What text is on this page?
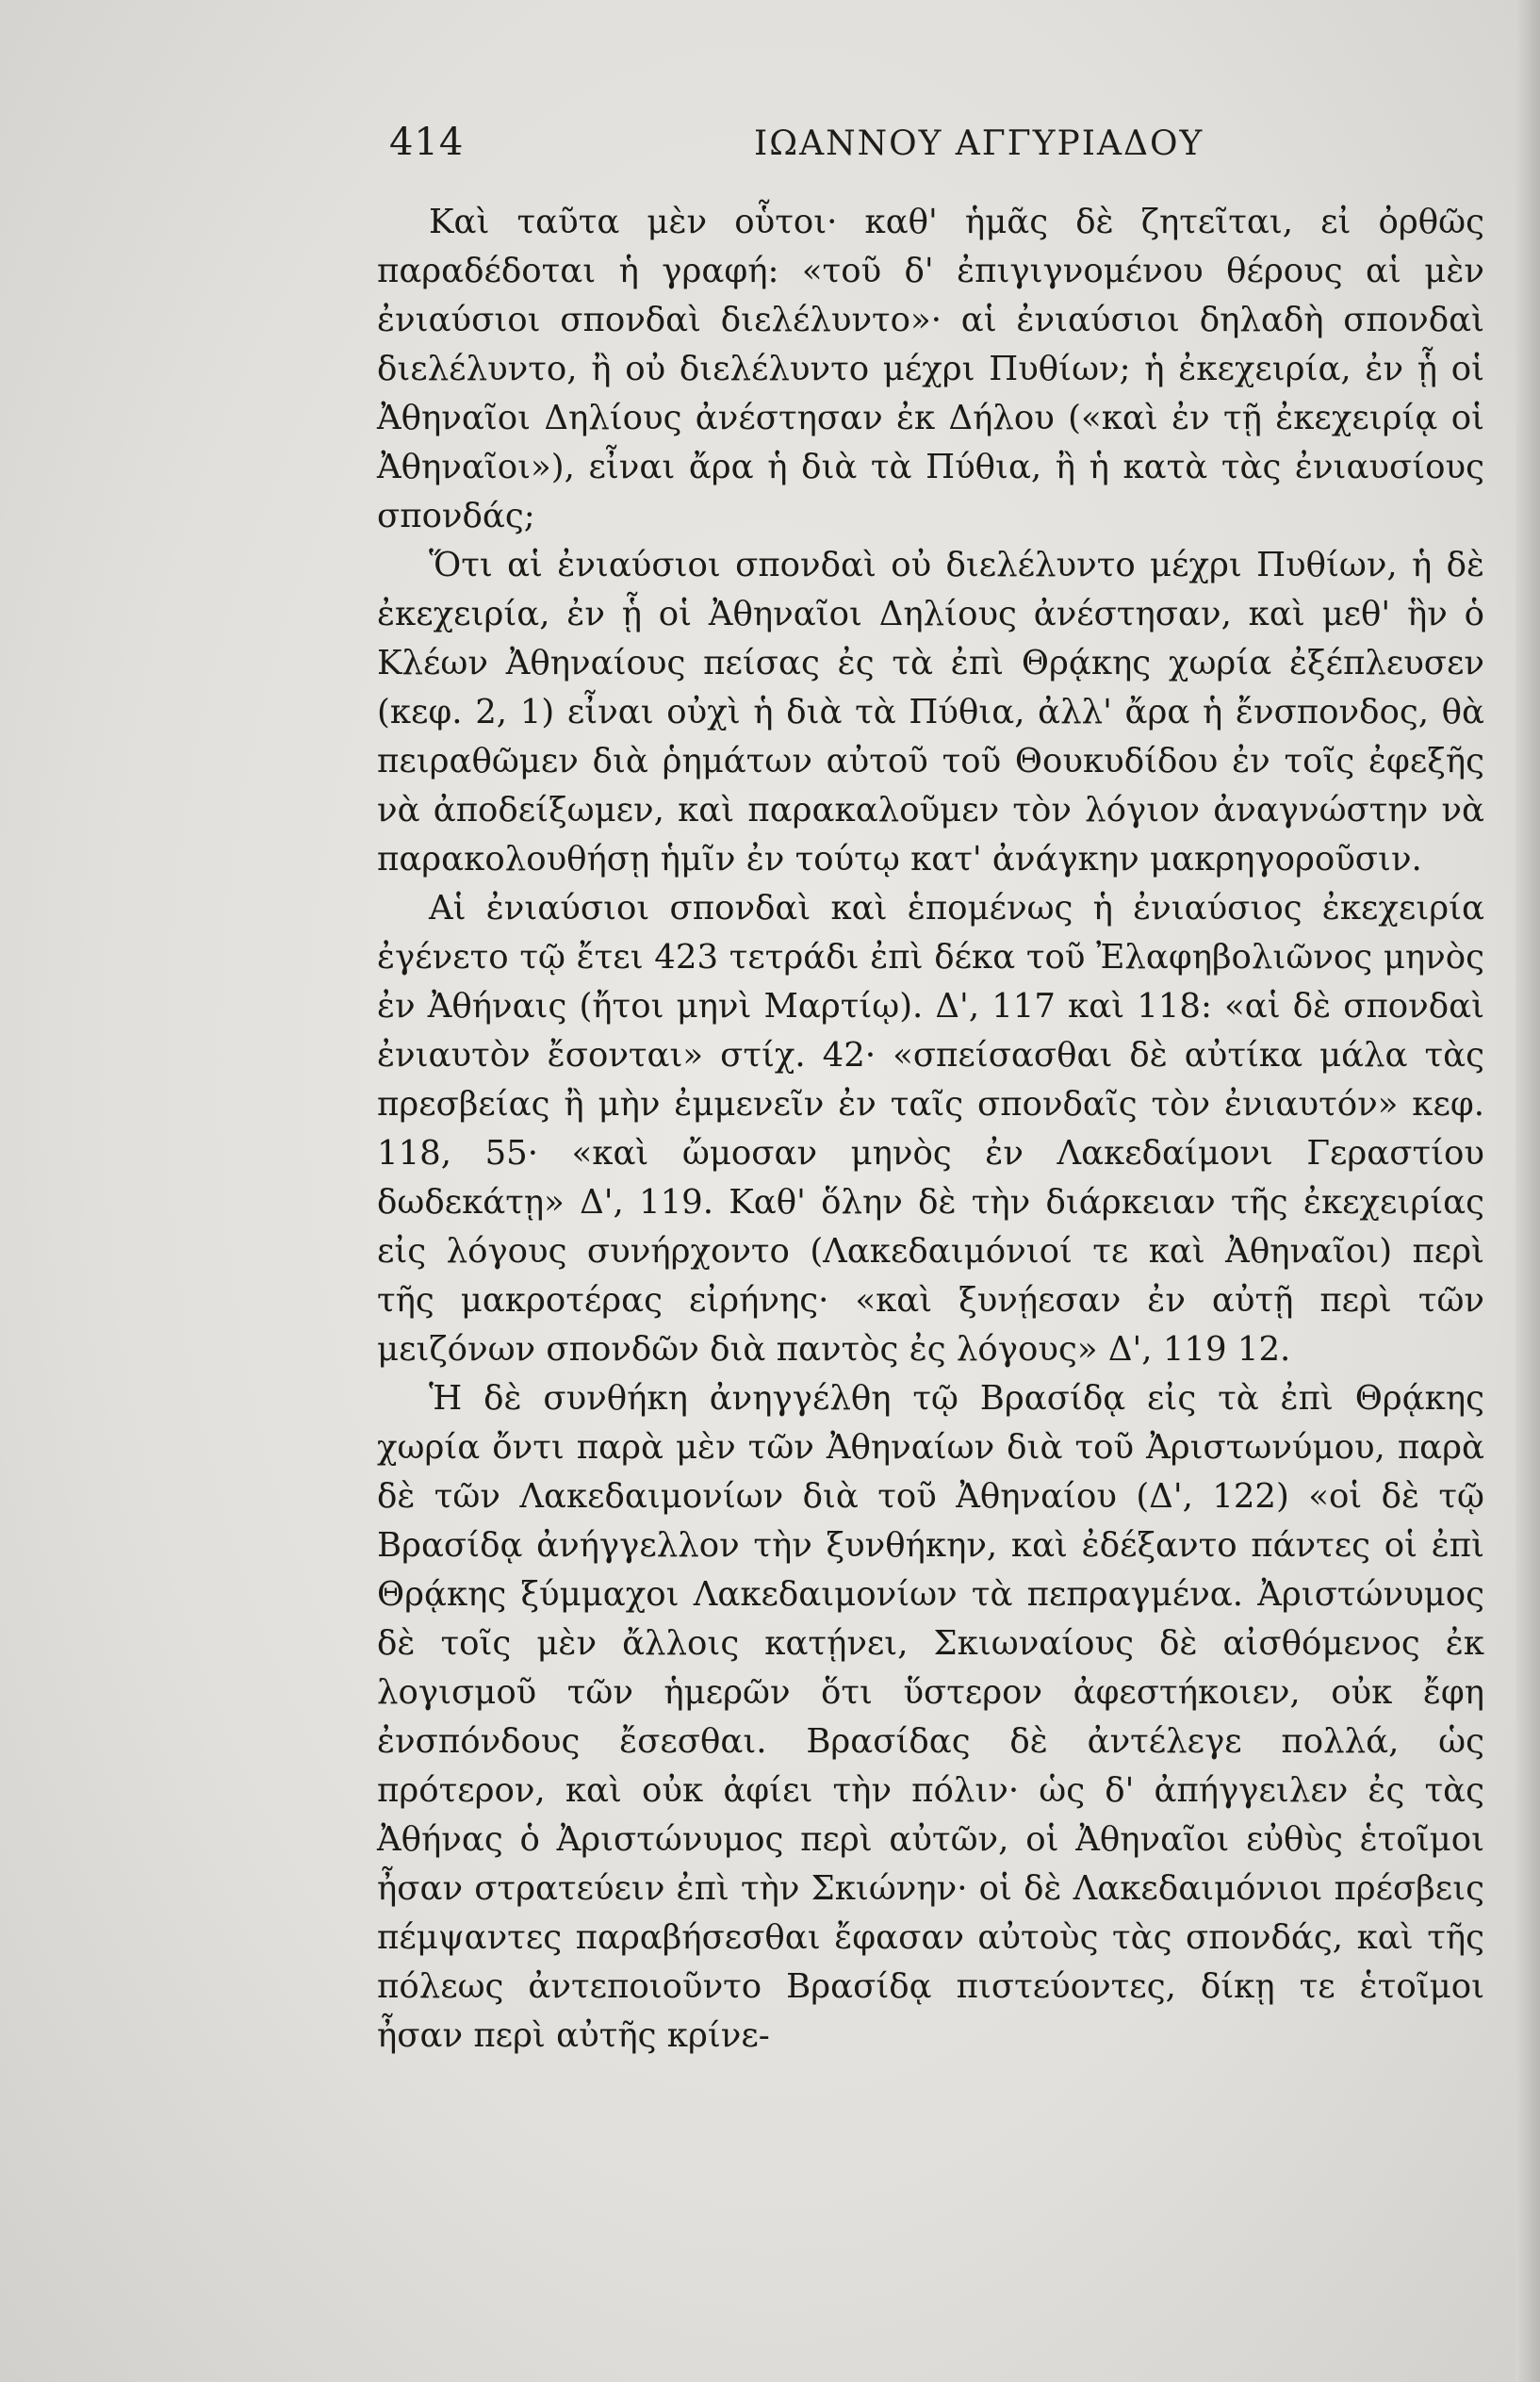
414	ΙΩΑΝΝΟΥ ΑΓΓΥΡΙΑΔΟΥ

Καὶ ταῦτα μὲν οὗτοι· καθ' ἡμᾶς δὲ ζητεῖται, εἰ ὀρθῶς παραδέδοται ἡ γραφή: «τοῦ δ' ἐπιγιγνομένου θέρους αἱ μὲν ἐνιαύσιοι σπονδαὶ διελέλυντο»· αἱ ἐνιαύσιοι δηλαδὴ σπονδαὶ διελέλυντο, ἢ οὐ διελέλυντο μέχρι Πυθίων; ἡ ἐκεχειρία, ἐν ᾗ οἱ Ἀθηναῖοι Δηλίους ἀνέστησαν ἐκ Δήλου («καὶ ἐν τῇ ἐκεχειρίᾳ οἱ Ἀθηναῖοι»), εἶναι ἄρα ἡ διὰ τὰ Πύθια, ἢ ἡ κατὰ τὰς ἐνιαυσίους σπονδάς;

Ὅτι αἱ ἐνιαύσιοι σπονδαὶ οὐ διελέλυντο μέχρι Πυθίων, ἡ δὲ ἐκεχειρία, ἐν ᾗ οἱ Ἀθηναῖοι Δηλίους ἀνέστησαν, καὶ μεθ' ἣν ὁ Κλέων Ἀθηναίους πείσας ἐς τὰ ἐπὶ Θρᾴκης χωρία ἐξέπλευσεν (κεφ. 2, 1) εἶναι οὐχὶ ἡ διὰ τὰ Πύθια, ἀλλ' ἄρα ἡ ἔνσπονδος, θὰ πειραθῶμεν διὰ ῥημάτων αὐτοῦ τοῦ Θουκυδίδου ἐν τοῖς ἐφεξῆς νὰ ἀποδείξωμεν, καὶ παρακαλοῦμεν τὸν λόγιον ἀναγνώστην νὰ παρακολουθήσῃ ἡμῖν ἐν τούτῳ κατ' ἀνάγκην μακρηγοροῦσιν.

Αἱ ἐνιαύσιοι σπονδαὶ καὶ ἑπομένως ἡ ἐνιαύσιος ἐκεχειρία ἐγένετο τῷ ἔτει 423 τετράδι ἐπὶ δέκα τοῦ Ἐλαφηβολιῶνος μηνὸς ἐν Ἀθήναις (ἤτοι μηνὶ Μαρτίῳ). Δ', 117 καὶ 118: «αἱ δὲ σπονδαὶ ἐνιαυτὸν ἔσονται» στίχ. 42· «σπείσασθαι δὲ αὐτίκα μάλα τὰς πρεσβείας ἢ μὴν ἐμμενεῖν ἐν ταῖς σπονδαῖς τὸν ἐνιαυτόν» κεφ. 118, 55· «καὶ ὤμοσαν μηνὸς ἐν Λακεδαίμονι Γεραστίου δωδεκάτῃ» Δ', 119. Καθ' ὅλην δὲ τὴν διάρκειαν τῆς ἐκεχειρίας εἰς λόγους συνήρχοντο (Λακεδαιμόνιοί τε καὶ Ἀθηναῖοι) περὶ τῆς μακροτέρας εἰρήνης· «καὶ ξυνῄεσαν ἐν αὐτῇ περὶ τῶν μειζόνων σπονδῶν διὰ παντὸς ἐς λόγους» Δ', 119 12.

Ἡ δὲ συνθήκη ἀνηγγέλθη τῷ Βρασίδᾳ εἰς τὰ ἐπὶ Θρᾴκης χωρία ὄντι παρὰ μὲν τῶν Ἀθηναίων διὰ τοῦ Ἀριστωνύμου, παρὰ δὲ τῶν Λακεδαιμονίων διὰ τοῦ Ἀθηναίου (Δ', 122) «οἱ δὲ τῷ Βρασίδᾳ ἀνήγγελλον τὴν ξυνθήκην, καὶ ἐδέξαντο πάντες οἱ ἐπὶ Θρᾴκης ξύμμαχοι Λακεδαιμονίων τὰ πεπραγμένα. Ἀριστώνυμος δὲ τοῖς μὲν ἄλλοις κατῄνει, Σκιωναίους δὲ αἰσθόμενος ἐκ λογισμοῦ τῶν ἡμερῶν ὅτι ὕστερον ἀφεστήκοιεν, οὐκ ἔφη ἐνσπόνδους ἔσεσθαι. Βρασίδας δὲ ἀντέλεγε πολλά, ὡς πρότερον, καὶ οὐκ ἀφίει τὴν πόλιν· ὡς δ' ἀπήγγειλεν ἐς τὰς Ἀθήνας ὁ Ἀριστώνυμος περὶ αὐτῶν, οἱ Ἀθηναῖοι εὐθὺς ἑτοῖμοι ἦσαν στρατεύειν ἐπὶ τὴν Σκιώνην· οἱ δὲ Λακεδαιμόνιοι πρέσβεις πέμψαντες παραβήσεσθαι ἔφασαν αὐτοὺς τὰς σπονδάς, καὶ τῆς πόλεως ἀντεποιοῦντο Βρασίδᾳ πιστεύοντες, δίκῃ τε ἑτοῖμοι ἦσαν περὶ αὐτῆς κρίνε-
